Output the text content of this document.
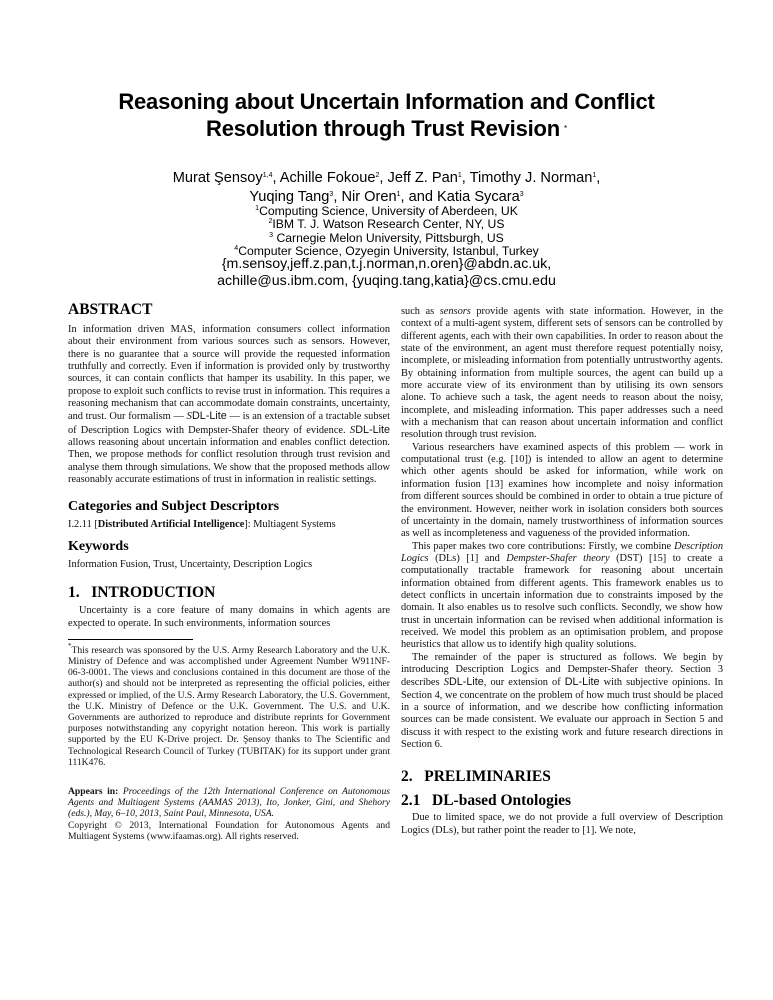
Reasoning about Uncertain Information and Conflict
Resolution through Trust Revision *
Murat Şensoy$^{1,4}$, Achille Fokoue$^2$, Jeff Z. Pan$^1$, Timothy J. Norman$^1$,
Yuqing Tang$^3$, Nir Oren$^1$, and Katia Sycara$^3$
$^1$Computing Science, University of Aberdeen, UK
$^2$IBM T. J. Watson Research Center, NY, US
$^3$ Carnegie Melon University, Pittsburgh, US
$^4$Computer Science, Ozyegin University, Istanbul, Turkey
{m.sensoy,jeff.z.pan,t.j.norman,n.oren}@abdn.ac.uk,
achille@us.ibm.com, {yuqing.tang,katia}@cs.cmu.edu
ABSTRACT

In information driven MAS, information consumers collect information about their environment from various sources such as sensors. However, there is no guarantee that a source will provide the requested information truthfully and correctly. Even if information is provided only by trustworthy sources, it can contain conflicts that hamper its usability. In this paper, we propose to exploit such conflicts to revise trust in information. This requires a reasoning mechanism that can accommodate domain constraints, uncertainty, and trust. Our formalism — SDL-Lite — is an extension of a tractable subset of Description Logics with Dempster-Shafer theory of evidence. SDL-Lite allows reasoning about uncertain information and enables conflict detection. Then, we propose methods for conflict resolution through trust revision and analyse them through simulations. We show that the proposed methods allow reasonably accurate estimations of trust in information in realistic settings.

Categories and Subject Descriptors

I.2.11 [Distributed Artificial Intelligence]: Multiagent Systems

Keywords

Information Fusion, Trust, Uncertainty, Description Logics

1.   INTRODUCTION

Uncertainty is a core feature of many domains in which agents are expected to operate. In such environments, information sources

*This research was sponsored by the U.S. Army Research Laboratory and the U.K. Ministry of Defence and was accomplished under Agreement Number W911NF-06-3-0001. The views and conclusions contained in this document are those of the author(s) and should not be interpreted as representing the official policies, either expressed or implied, of the U.S. Army Research Laboratory, the U.S. Government, the U.K. Ministry of Defence or the U.K. Government. The U.S. and U.K. Governments are authorized to reproduce and distribute reprints for Government purposes notwithstanding any copyright notation hereon. This work is partially supported by the EU K-Drive project. Dr. Şensoy thanks to The Scientific and Technological Research Council of Turkey (TUBITAK) for its support under grant 111K476.

Appears in: Proceedings of the 12th International Conference on Autonomous Agents and Multiagent Systems (AAMAS 2013), Ito, Jonker, Gini, and Shehory (eds.), May, 6–10, 2013, Saint Paul, Minnesota, USA.

Copyright © 2013, International Foundation for Autonomous Agents and Multiagent Systems (www.ifaamas.org). All rights reserved.

such as sensors provide agents with state information. However, in the context of a multi-agent system, different sets of sensors can be controlled by different agents, each with their own capabilities. In order to reason about the state of the environment, an agent must therefore request potentially noisy, incomplete, or misleading information from potentially untrustworthy agents. By obtaining information from multiple sources, the agent can build up a more accurate view of its environment than by utilising its own sensors alone. To achieve such a task, the agent needs to reason about the noisy, incomplete, and misleading information. This paper addresses such a need with a mechanism that can reason about uncertain information and conflict resolution through trust revision.

Various researchers have examined aspects of this problem — work in computational trust (e.g. [10]) is intended to allow an agent to determine which other agents should be asked for information, while work on information fusion [13] examines how incomplete and noisy information from different sources should be combined in order to obtain a true picture of the environment. However, neither work in isolation considers both sources of uncertainty in the domain, namely trustworthiness of information sources as well as incompleteness and vagueness of the provided information.

This paper makes two core contributions: Firstly, we combine Description Logics (DLs) [1] and Dempster-Shafer theory (DST) [15] to create a computationally tractable framework for reasoning about uncertain information obtained from different agents. This framework enables us to detect conflicts in uncertain information due to constraints imposed by the domain. It also enables us to resolve such conflicts. Secondly, we show how trust in uncertain information can be revised when additional information is received. We model this problem as an optimisation problem, and propose heuristics that allow us to identify high quality solutions.

The remainder of the paper is structured as follows. We begin by introducing Description Logics and Dempster-Shafer theory. Section 3 describes SDL-Lite, our extension of DL-Lite with subjective opinions. In Section 4, we concentrate on the problem of how much trust should be placed in a source of information, and we describe how conflicting information sources can be made consistent. We evaluate our approach in Section 5 and discuss it with respect to the existing work and future research directions in Section 6.

2.   PRELIMINARIES
2.1   DL-based Ontologies

Due to limited space, we do not provide a full overview of Description Logics (DLs), but rather point the reader to [1]. We note,
